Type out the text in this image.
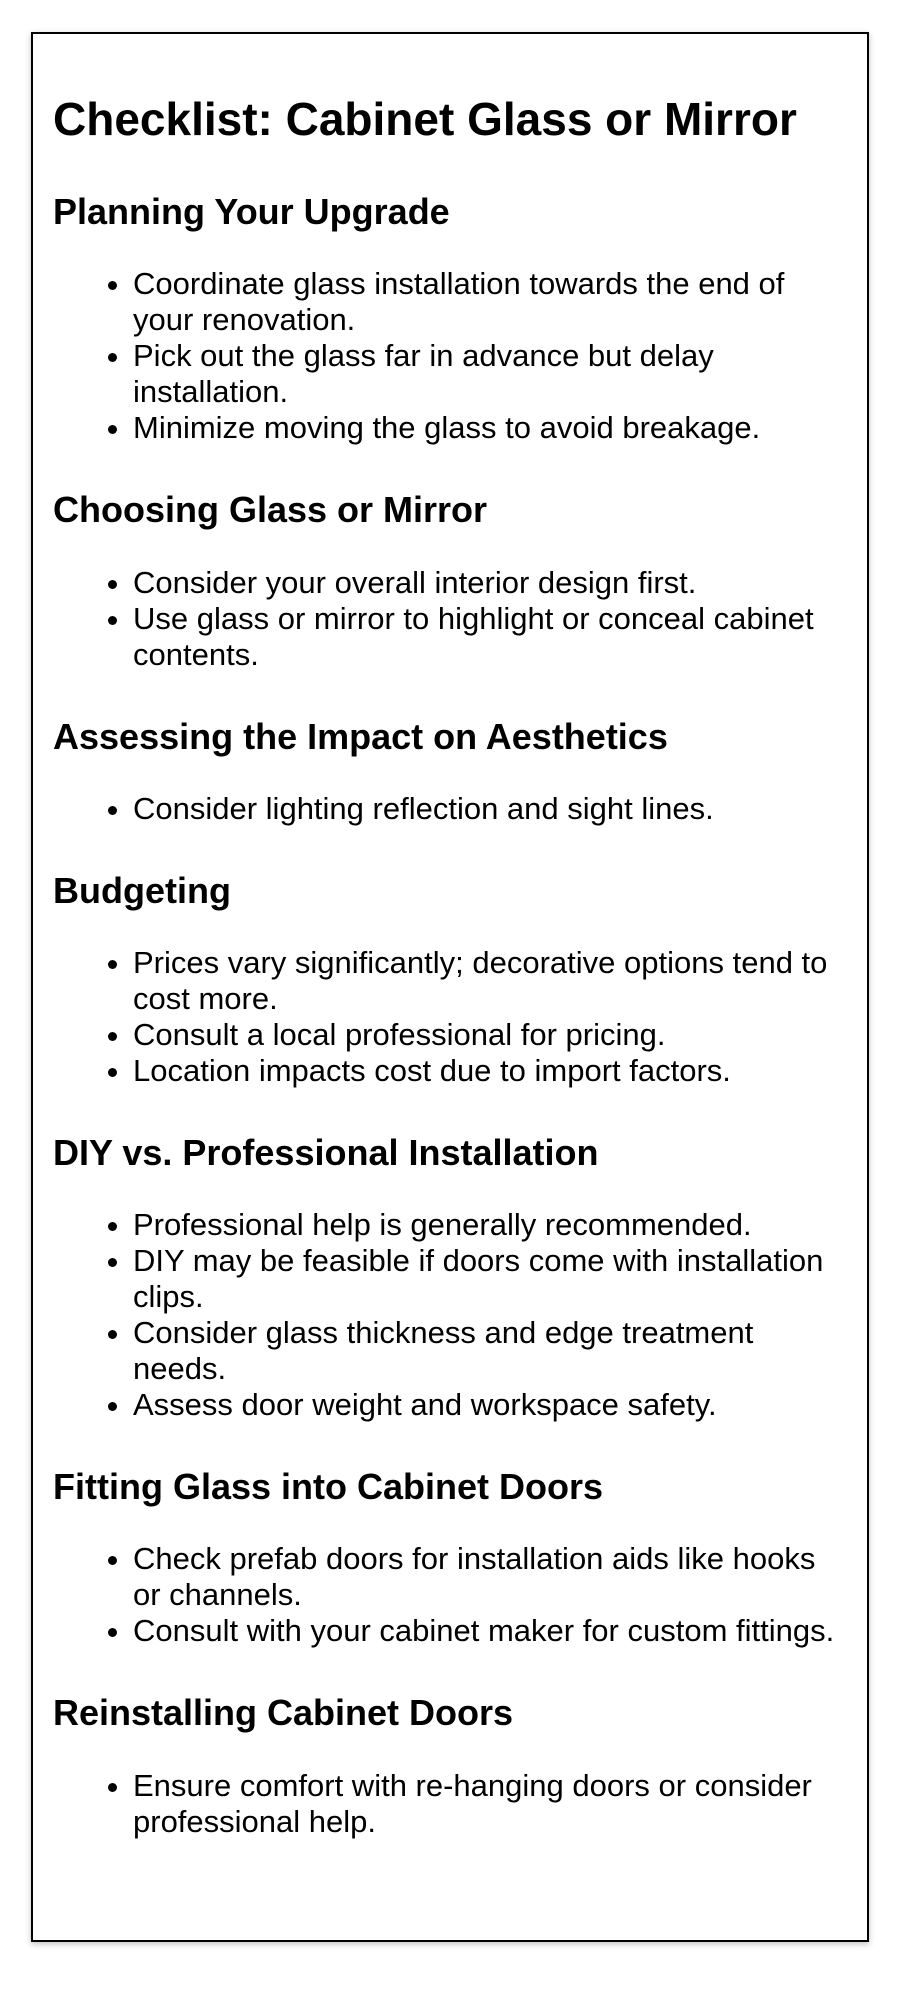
Checklist: Cabinet Glass or Mirror
Planning Your Upgrade
• Coordinate glass installation towards the end of your renovation.
• Pick out the glass far in advance but delay installation.
• Minimize moving the glass to avoid breakage.
Choosing Glass or Mirror
• Consider your overall interior design first.
• Use glass or mirror to highlight or conceal cabinet contents.
Assessing the Impact on Aesthetics
• Consider lighting reflection and sight lines.
Budgeting
• Prices vary significantly; decorative options tend to cost more.
• Consult a local professional for pricing.
• Location impacts cost due to import factors.
DIY vs. Professional Installation
• Professional help is generally recommended.
• DIY may be feasible if doors come with installation clips.
• Consider glass thickness and edge treatment needs.
• Assess door weight and workspace safety.
Fitting Glass into Cabinet Doors
• Check prefab doors for installation aids like hooks or channels.
• Consult with your cabinet maker for custom fittings.
Reinstalling Cabinet Doors
• Ensure comfort with re-hanging doors or consider professional help.
